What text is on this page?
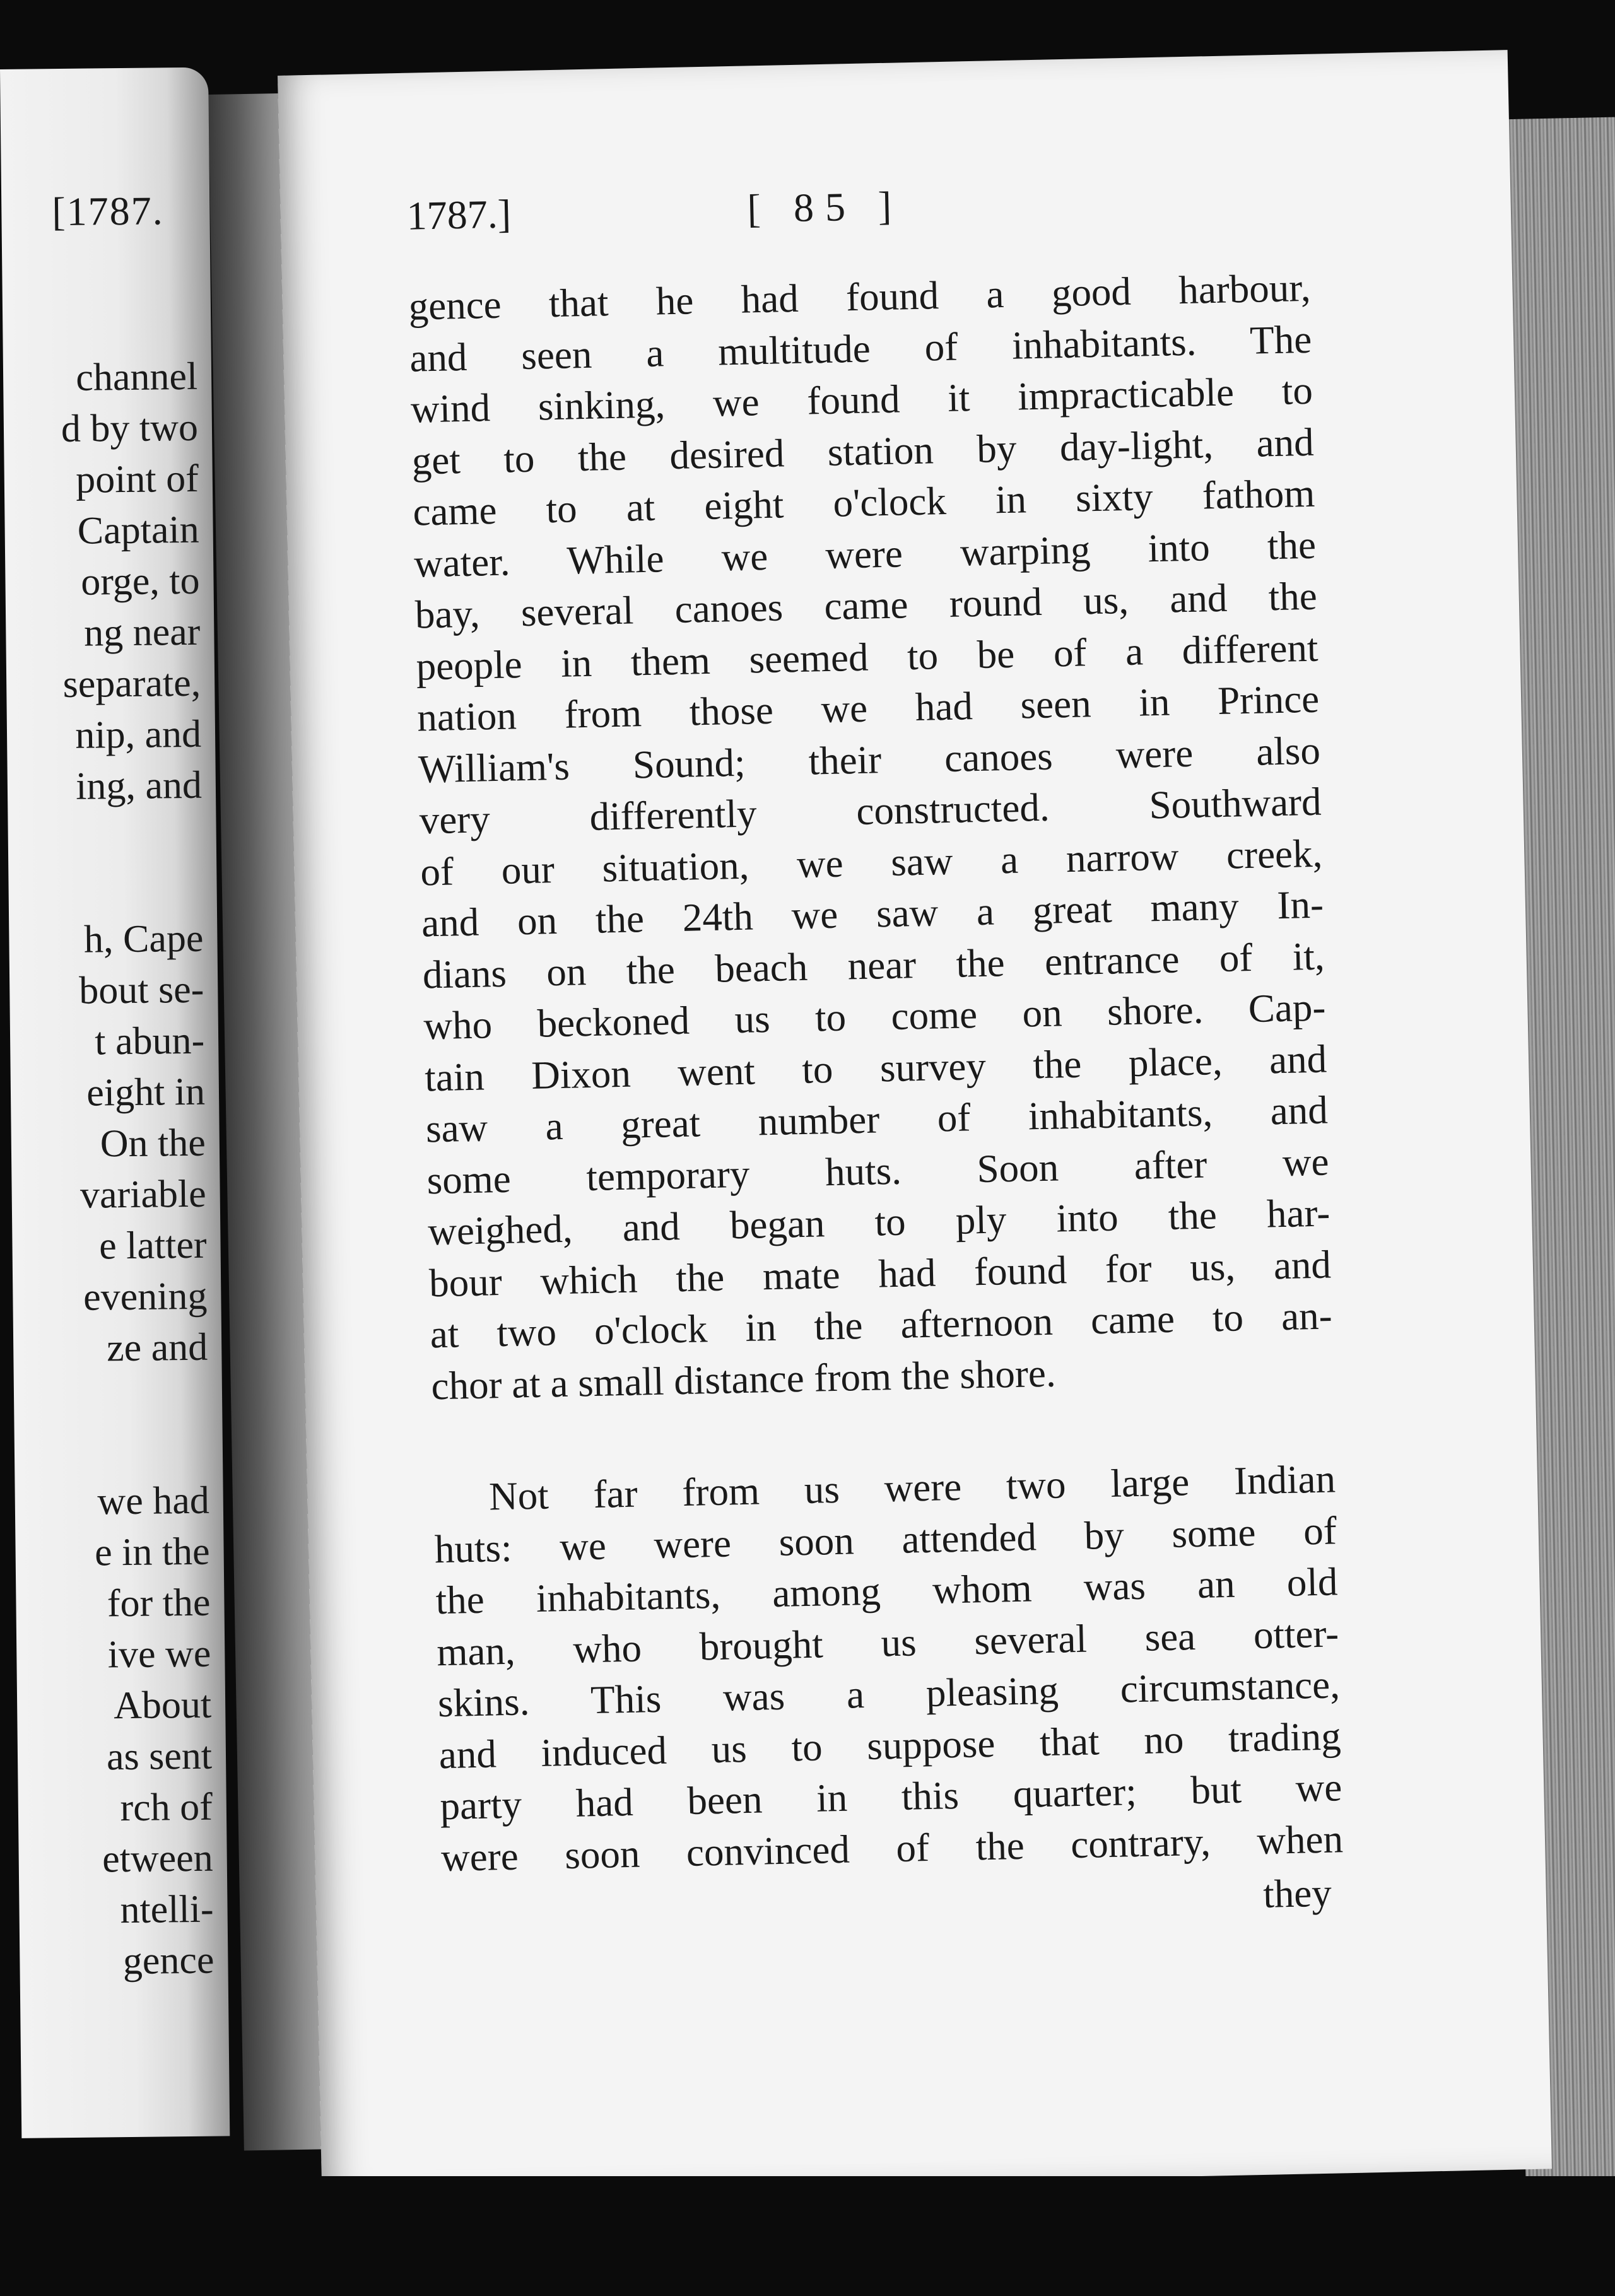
[1787.
channel
d by two
point of
Captain
orge, to
ng near
separate,
nip, and
ing, and
h, Cape
bout se-
t abun-
eight in
On the
variable
e latter
evening
ze and
we had
e in the
for the
ive we
About
as sent
rch of
etween
ntelli-
gence
1787.]	[ 85 ]
gence that he had found a good harbour,
and seen a multitude of inhabitants. The
wind sinking, we found it impracticable to
get to the desired station by day-light, and
came to at eight o'clock in sixty fathom
water. While we were warping into the
bay, several canoes came round us, and the
people in them seemed to be of a different
nation from those we had seen in Prince
William's Sound; their canoes were also
very differently constructed. Southward
of our situation, we saw a narrow creek,
and on the 24th we saw a great many In-
dians on the beach near the entrance of it,
who beckoned us to come on shore. Cap-
tain Dixon went to survey the place, and
saw a great number of inhabitants, and
some temporary huts. Soon after we
weighed, and began to ply into the har-
bour which the mate had found for us, and
at two o'clock in the afternoon came to an-
chor at a small distance from the shore.
Not far from us were two large Indian
huts: we were soon attended by some of
the inhabitants, among whom was an old
man, who brought us several sea otter-
skins. This was a pleasing circumstance,
and induced us to suppose that no trading
party had been in this quarter; but we
were soon convinced of the contrary, when
they
